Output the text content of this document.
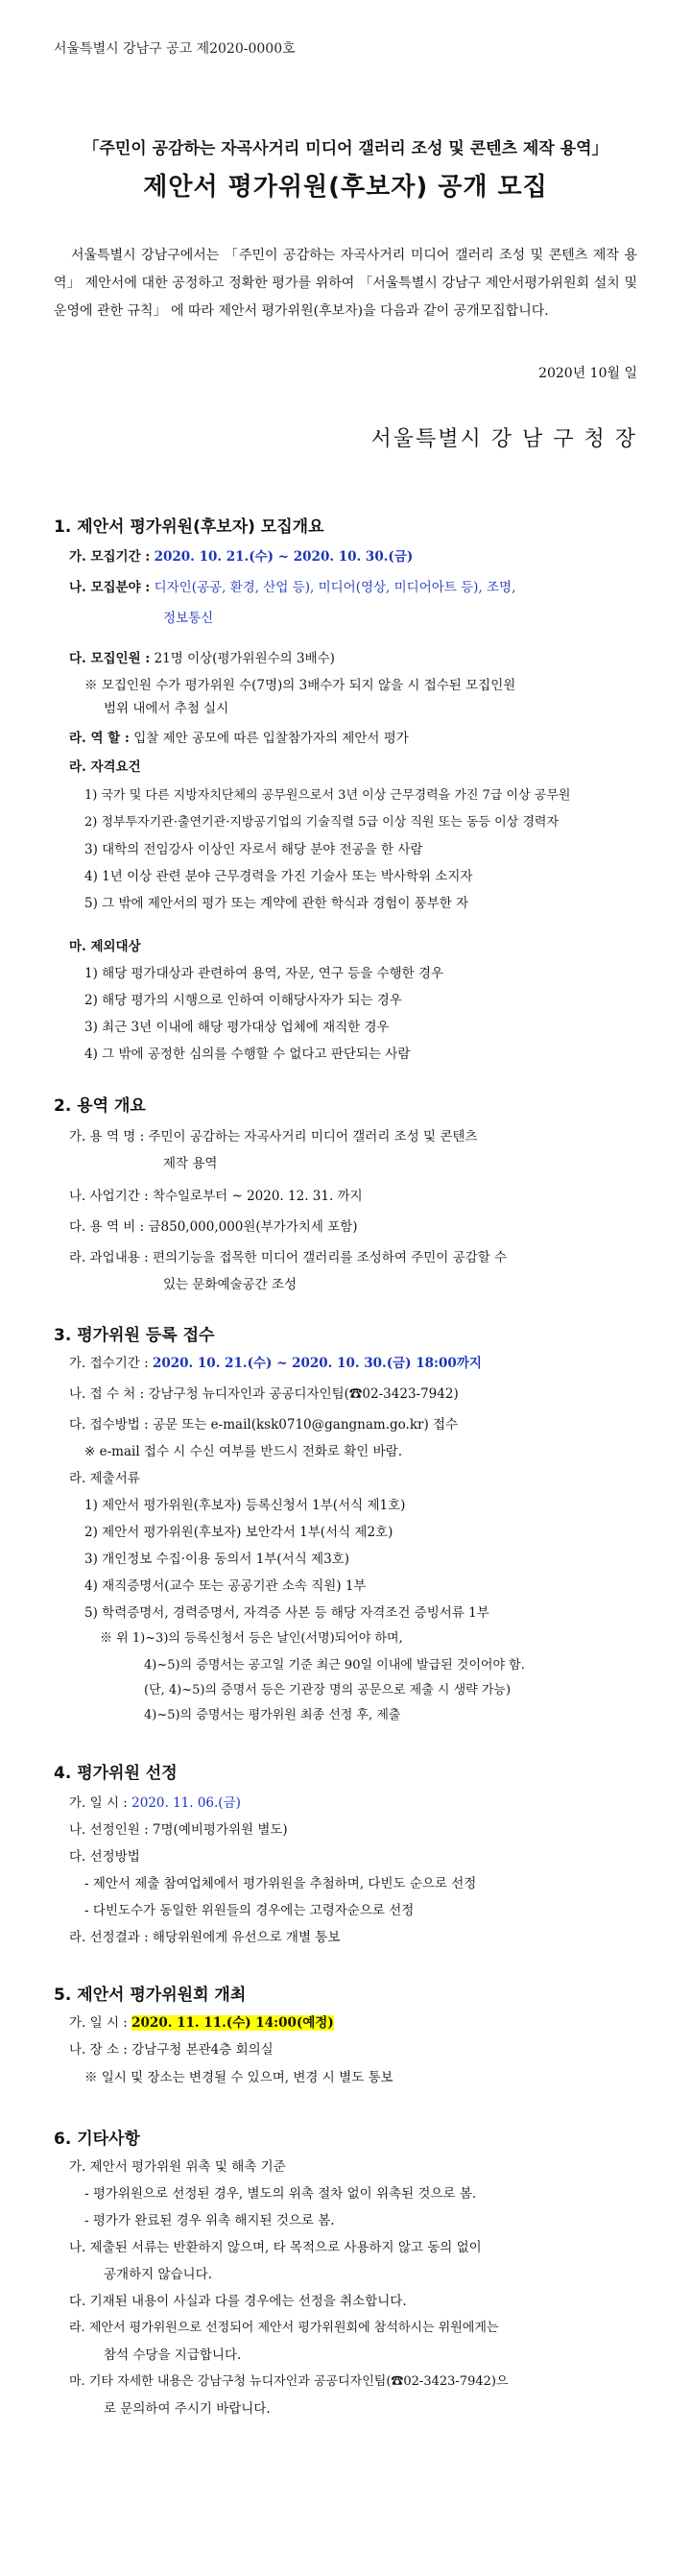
서울특별시 강남구 공고 제2020-0000호
「주민이 공감하는 자곡사거리 미디어 갤러리 조성 및 콘텐츠 제작 용역」
제안서 평가위원(후보자) 공개 모집
서울특별시 강남구에서는 「주민이 공감하는 자곡사거리 미디어 갤러리 조성 및 콘텐츠 제작 용역」 제안서에 대한 공정하고 정확한 평가를 위하여 「서울특별시 강남구 제안서평가위원회 설치 및 운영에 관한 규칙」 에 따라 제안서 평가위원(후보자)을 다음과 같이 공개모집합니다.
2020년 10월 일
서울특별시 강 남 구 청 장
1. 제안서 평가위원(후보자) 모집개요
가. 모집기간 : 2020. 10. 21.(수) ~ 2020. 10. 30.(금)
나. 모집분야 : 디자인(공공, 환경, 산업 등), 미디어(영상, 미디어아트 등), 조명,
정보통신
다. 모집인원 : 21명 이상(평가위원수의 3배수)
※ 모집인원 수가 평가위원 수(7명)의 3배수가 되지 않을 시 접수된 모집인원
범위 내에서 추첨 실시
라. 역 할 : 입찰 제안 공모에 따른 입찰참가자의 제안서 평가
라. 자격요건
1) 국가 및 다른 지방자치단체의 공무원으로서 3년 이상 근무경력을 가진 7급 이상 공무원
2) 정부투자기관·출연기관·지방공기업의 기술직렬 5급 이상 직원 또는 동등 이상 경력자
3) 대학의 전임강사 이상인 자로서 해당 분야 전공을 한 사람
4) 1년 이상 관련 분야 근무경력을 가진 기술사 또는 박사학위 소지자
5) 그 밖에 제안서의 평가 또는 계약에 관한 학식과 경험이 풍부한 자
마. 제외대상
1) 해당 평가대상과 관련하여 용역, 자문, 연구 등을 수행한 경우
2) 해당 평가의 시행으로 인하여 이해당사자가 되는 경우
3) 최근 3년 이내에 해당 평가대상 업체에 재직한 경우
4) 그 밖에 공정한 심의를 수행할 수 없다고 판단되는 사람
2. 용역 개요
가. 용 역 명 : 주민이 공감하는 자곡사거리 미디어 갤러리 조성 및 콘텐츠
제작 용역
나. 사업기간 : 착수일로부터 ~ 2020. 12. 31. 까지
다. 용 역 비 : 금850,000,000원(부가가치세 포함)
라. 과업내용 : 편의기능을 접목한 미디어 갤러리를 조성하여 주민이 공감할 수
있는 문화예술공간 조성
3. 평가위원 등록 접수
가. 접수기간 : 2020. 10. 21.(수) ~ 2020. 10. 30.(금) 18:00까지
나. 접 수 처 : 강남구청 뉴디자인과 공공디자인팀(☎02-3423-7942)
다. 접수방법 : 공문 또는 e-mail(ksk0710@gangnam.go.kr) 접수
※ e-mail 접수 시 수신 여부를 반드시 전화로 확인 바람.
라. 제출서류
1) 제안서 평가위원(후보자) 등록신청서 1부(서식 제1호)
2) 제안서 평가위원(후보자) 보안각서 1부(서식 제2호)
3) 개인정보 수집·이용 동의서 1부(서식 제3호)
4) 재직증명서(교수 또는 공공기관 소속 직원) 1부
5) 학력증명서, 경력증명서, 자격증 사본 등 해당 자격조건 증빙서류 1부
※ 위 1)~3)의 등록신청서 등은 날인(서명)되어야 하며,
4)~5)의 증명서는 공고일 기준 최근 90일 이내에 발급된 것이어야 함.
(단, 4)~5)의 증명서 등은 기관장 명의 공문으로 제출 시 생략 가능)
4)~5)의 증명서는 평가위원 최종 선정 후, 제출
4. 평가위원 선정
가. 일 시 : 2020. 11. 06.(금)
나. 선정인원 : 7명(예비평가위원 별도)
다. 선정방법
- 제안서 제출 참여업체에서 평가위원을 추첨하며, 다빈도 순으로 선정
- 다빈도수가 동일한 위원들의 경우에는 고령자순으로 선정
라. 선정결과 : 해당위원에게 유선으로 개별 통보
5. 제안서 평가위원회 개최
가. 일 시 : 2020. 11. 11.(수) 14:00(예정)
나. 장 소 : 강남구청 본관4층 회의실
※ 일시 및 장소는 변경될 수 있으며, 변경 시 별도 통보
6. 기타사항
가. 제안서 평가위원 위촉 및 해촉 기준
- 평가위원으로 선정된 경우, 별도의 위촉 절차 없이 위촉된 것으로 봄.
- 평가가 완료된 경우 위촉 해지된 것으로 봄.
나. 제출된 서류는 반환하지 않으며, 타 목적으로 사용하지 않고 동의 없이
공개하지 않습니다.
다. 기재된 내용이 사실과 다를 경우에는 선정을 취소합니다.
라. 제안서 평가위원으로 선정되어 제안서 평가위원회에 참석하시는 위원에게는
참석 수당을 지급합니다.
마. 기타 자세한 내용은 강남구청 뉴디자인과 공공디자인팀(☎02-3423-7942)으
로 문의하여 주시기 바랍니다.
